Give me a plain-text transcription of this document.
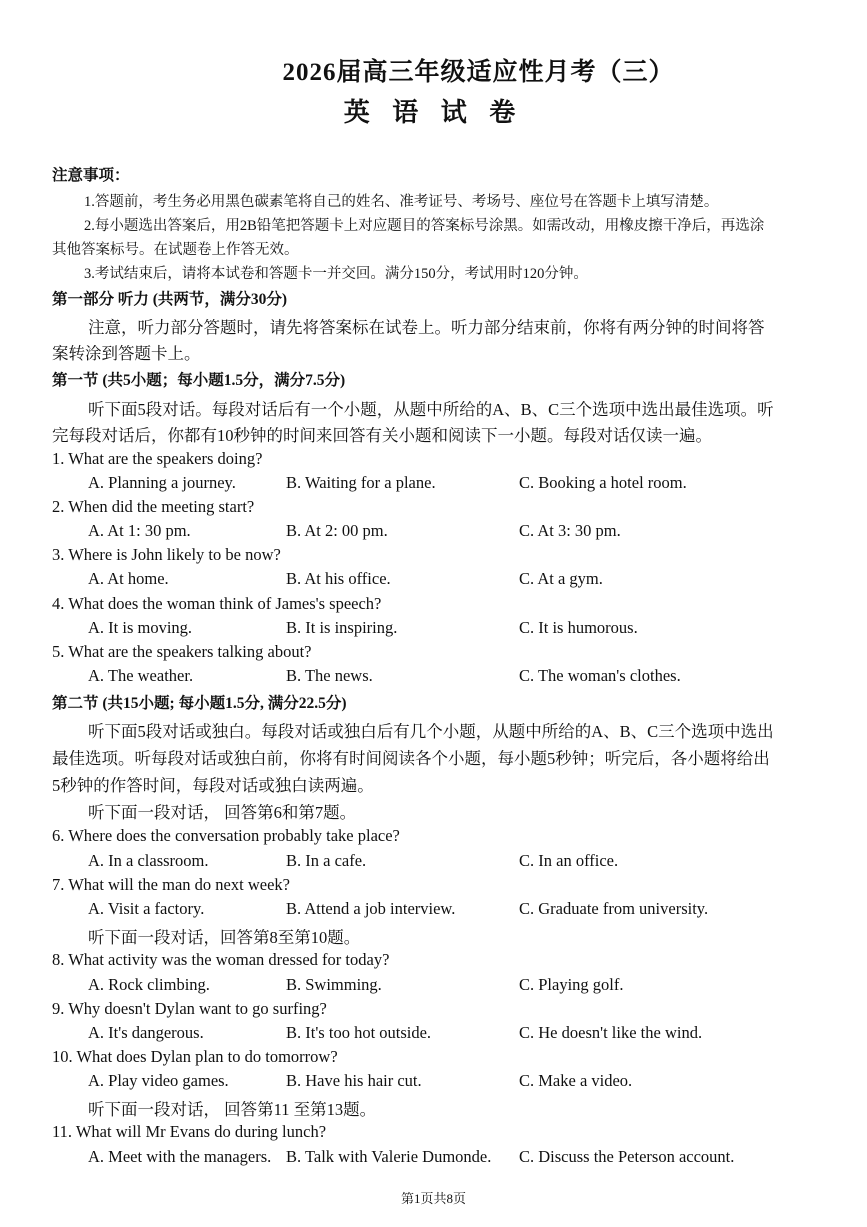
2026届高三年级适应性月考（三）
英 语 试 卷
注意事项：
1.答题前，考生务必用黑色碳素笔将自己的姓名、准考证号、考场号、座位号在答题卡上填写清楚。
2.每小题选出答案后，用2B铅笔把答题卡上对应题目的答案标号涂黑。如需改动，用橡皮擦干净后，再选涂
其他答案标号。在试题卷上作答无效。
3.考试结束后，请将本试卷和答题卡一并交回。满分150分，考试用时120分钟。
第一部分 听力 (共两节，满分30分)
注意，听力部分答题时，请先将答案标在试卷上。听力部分结束前，你将有两分钟的时间将答
案转涂到答题卡上。
第一节 (共5小题；每小题1.5分，满分7.5分)
听下面5段对话。每段对话后有一个小题，从题中所给的A、B、C三个选项中选出最佳选项。听
完每段对话后，你都有10秒钟的时间来回答有关小题和阅读下一小题。每段对话仅读一遍。
1. What are the speakers doing?
A. Planning a journey.	B. Waiting for a plane.	C. Booking a hotel room.
2. When did the meeting start?
A. At 1: 30 pm.	B. At 2: 00 pm.	C. At 3: 30 pm.
3. Where is John likely to be now?
A. At home.	B. At his office.	C. At a gym.
4. What does the woman think of James's speech?
A. It is moving.	B. It is inspiring.	C. It is humorous.
5. What are the speakers talking about?
A. The weather.	B. The news.	C. The woman's clothes.
第二节 (共15小题; 每小题1.5分, 满分22.5分)
听下面5段对话或独白。每段对话或独白后有几个小题，从题中所给的A、B、C三个选项中选出
最佳选项。听每段对话或独白前，你将有时间阅读各个小题，每小题5秒钟；听完后，各小题将给出
5秒钟的作答时间，每段对话或独白读两遍。
听下面一段对话， 回答第6和第7题。
6. Where does the conversation probably take place?
A. In a classroom.	B. In a cafe.	C. In an office.
7. What will the man do next week?
A. Visit a factory.	B. Attend a job interview.	C. Graduate from university.
听下面一段对话，回答第8至第10题。
8. What activity was the woman dressed for today?
A. Rock climbing.	B. Swimming.	C. Playing golf.
9. Why doesn't Dylan want to go surfing?
A. It's dangerous.	B. It's too hot outside.	C. He doesn't like the wind.
10. What does Dylan plan to do tomorrow?
A. Play video games.	B. Have his hair cut.	C. Make a video.
听下面一段对话， 回答第11 至第13题。
11. What will Mr Evans do during lunch?
A. Meet with the managers. B. Talk with Valerie Dumonde. C. Discuss the Peterson account.
第1页共8页
